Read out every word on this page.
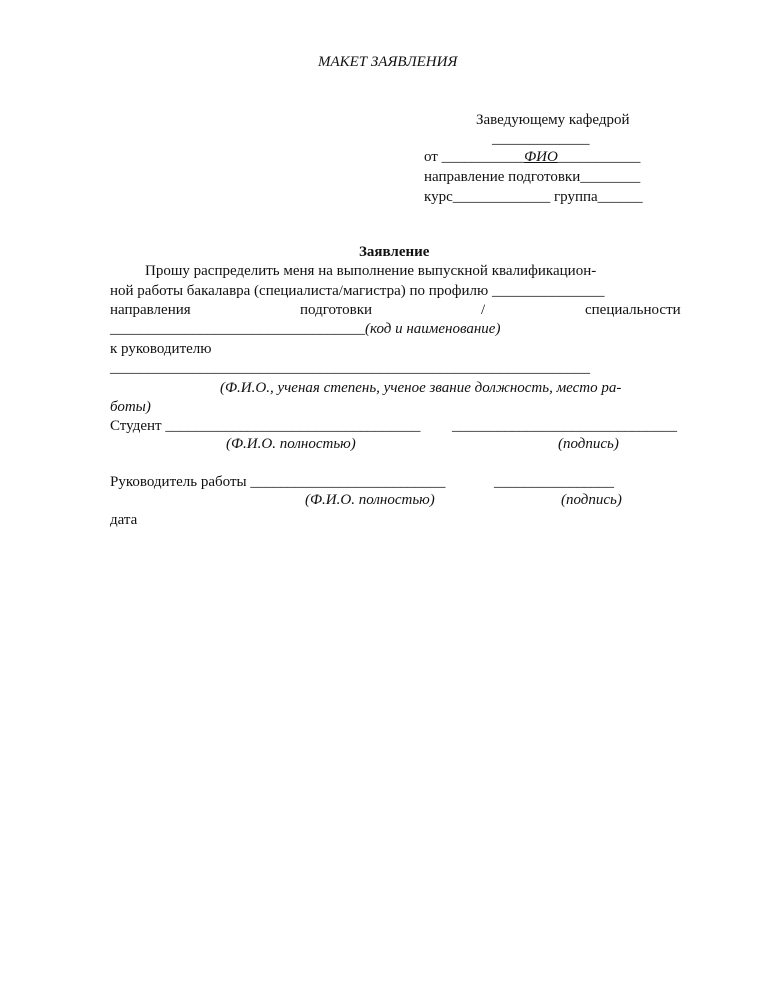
МАКЕТ ЗАЯВЛЕНИЯ
Заведующему кафедрой
_____________
от ___________ФИО___________
направление подготовки________
курс_____________ группа______
Заявление
Прошу распределить меня на выполнение выпускной квалификацион-
ной работы бакалавра (специалиста/магистра) по профилю _______________
направления	подготовки	/	специальности
__________________________________(код и наименование)
к руководителю
________________________________________________________________
(Ф.И.О., ученая степень, ученое звание должность, место ра-
боты)
Студент __________________________________ ______________________________
(Ф.И.О. полностью)	(подпись)
Руководитель работы __________________________	________________
(Ф.И.О. полностью)	(подпись)
дата
